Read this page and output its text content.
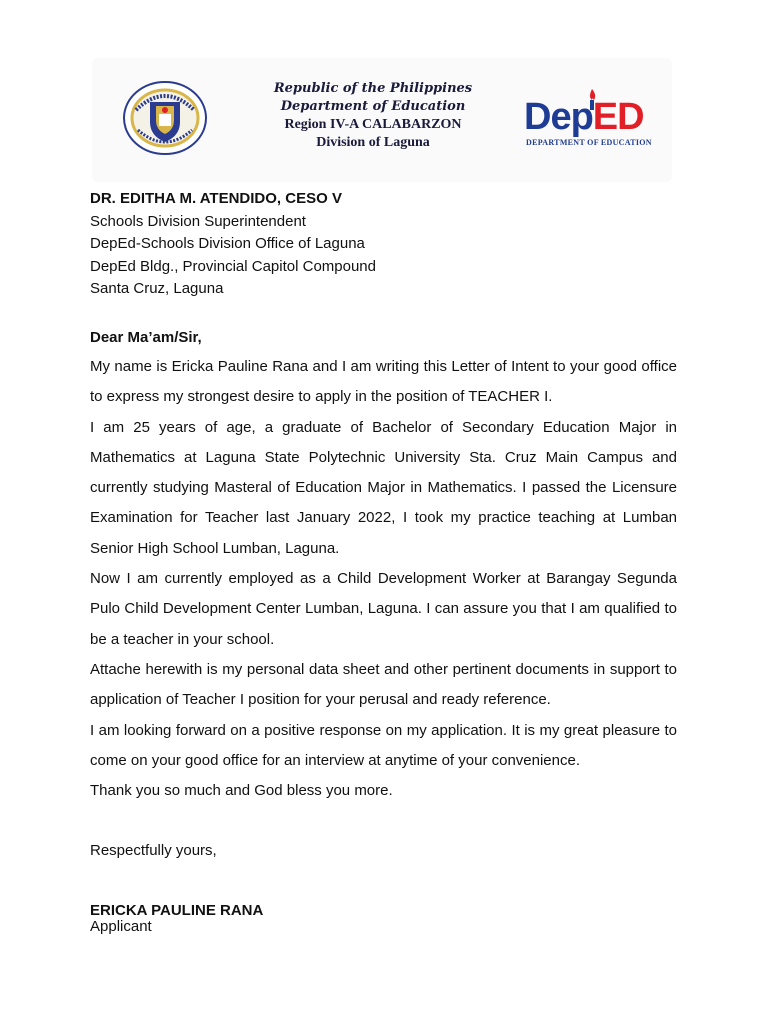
Republic of the Philippines
Department of Education
Region IV-A CALABARZON
Division of Laguna
DepED
DEPARTMENT OF EDUCATION
DR. EDITHA M. ATENDIDO, CESO V
Schools Division Superintendent
DepEd-Schools Division Office of Laguna
DepEd Bldg., Provincial Capitol Compound
Santa Cruz, Laguna
Dear Ma’am/Sir,

My name is Ericka Pauline Rana and I am writing this Letter of Intent to your good office to express my strongest desire to apply in the position of TEACHER I.

I am 25 years of age, a graduate of Bachelor of Secondary Education Major in Mathematics at Laguna State Polytechnic University Sta. Cruz Main Campus and currently studying Masteral of Education Major in Mathematics. I passed the Licensure Examination for Teacher last January 2022, I took my practice teaching at Lumban Senior High School Lumban, Laguna.

Now I am currently employed as a Child Development Worker at Barangay Segunda Pulo Child Development Center Lumban, Laguna. I can assure you that I am qualified to be a teacher in your school.

Attache herewith is my personal data sheet and other pertinent documents in support to application of Teacher I position for your perusal and ready reference.

I am looking forward on a positive response on my application. It is my great pleasure to come on your good office for an interview at anytime of your convenience.

Thank you so much and God bless you more.

Respectfully yours,
ERICKA PAULINE RANA
Applicant
